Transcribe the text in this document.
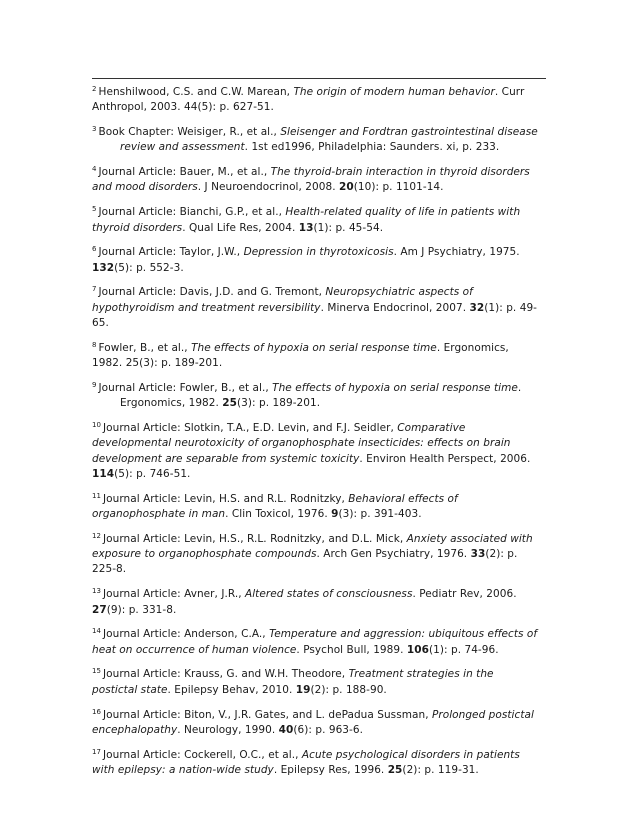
$^2$ Henshilwood, C.S. and C.W. Marean, The origin of modern human behavior. Curr
Anthropol, 2003. 44(5): p. 627-51.

$^3$ Book Chapter: Weisiger, R., et al., Sleisenger and Fordtran gastrointestinal disease
review and assessment. 1st ed1996, Philadelphia: Saunders. xi, p. 233.

$^4$ Journal Article: Bauer, M., et al., The thyroid-brain interaction in thyroid disorders
and mood disorders. J Neuroendocrinol, 2008. 20(10): p. 1101-14.

$^5$ Journal Article: Bianchi, G.P., et al., Health-related quality of life in patients with
thyroid disorders. Qual Life Res, 2004. 13(1): p. 45-54.

$^6$ Journal Article: Taylor, J.W., Depression in thyrotoxicosis. Am J Psychiatry, 1975.
132(5): p. 552-3.

$^7$ Journal Article: Davis, J.D. and G. Tremont, Neuropsychiatric aspects of
hypothyroidism and treatment reversibility. Minerva Endocrinol, 2007. 32(1): p. 49-
65.

$^8$ Fowler, B., et al., The effects of hypoxia on serial response time. Ergonomics,
1982. 25(3): p. 189-201.

$^9$ Journal Article: Fowler, B., et al., The effects of hypoxia on serial response time.
Ergonomics, 1982. 25(3): p. 189-201.

$^{10}$ Journal Article: Slotkin, T.A., E.D. Levin, and F.J. Seidler, Comparative
developmental neurotoxicity of organophosphate insecticides: effects on brain
development are separable from systemic toxicity. Environ Health Perspect, 2006.
114(5): p. 746-51.

$^{11}$ Journal Article: Levin, H.S. and R.L. Rodnitzky, Behavioral effects of
organophosphate in man. Clin Toxicol, 1976. 9(3): p. 391-403.

$^{12}$ Journal Article: Levin, H.S., R.L. Rodnitzky, and D.L. Mick, Anxiety associated with
exposure to organophosphate compounds. Arch Gen Psychiatry, 1976. 33(2): p.
225-8.

$^{13}$ Journal Article: Avner, J.R., Altered states of consciousness. Pediatr Rev, 2006.
27(9): p. 331-8.

$^{14}$ Journal Article: Anderson, C.A., Temperature and aggression: ubiquitous effects of
heat on occurrence of human violence. Psychol Bull, 1989. 106(1): p. 74-96.

$^{15}$ Journal Article: Krauss, G. and W.H. Theodore, Treatment strategies in the
postictal state. Epilepsy Behav, 2010. 19(2): p. 188-90.

$^{16}$ Journal Article: Biton, V., J.R. Gates, and L. dePadua Sussman, Prolonged postictal
encephalopathy. Neurology, 1990. 40(6): p. 963-6.

$^{17}$ Journal Article: Cockerell, O.C., et al., Acute psychological disorders in patients
with epilepsy: a nation-wide study. Epilepsy Res, 1996. 25(2): p. 119-31.
